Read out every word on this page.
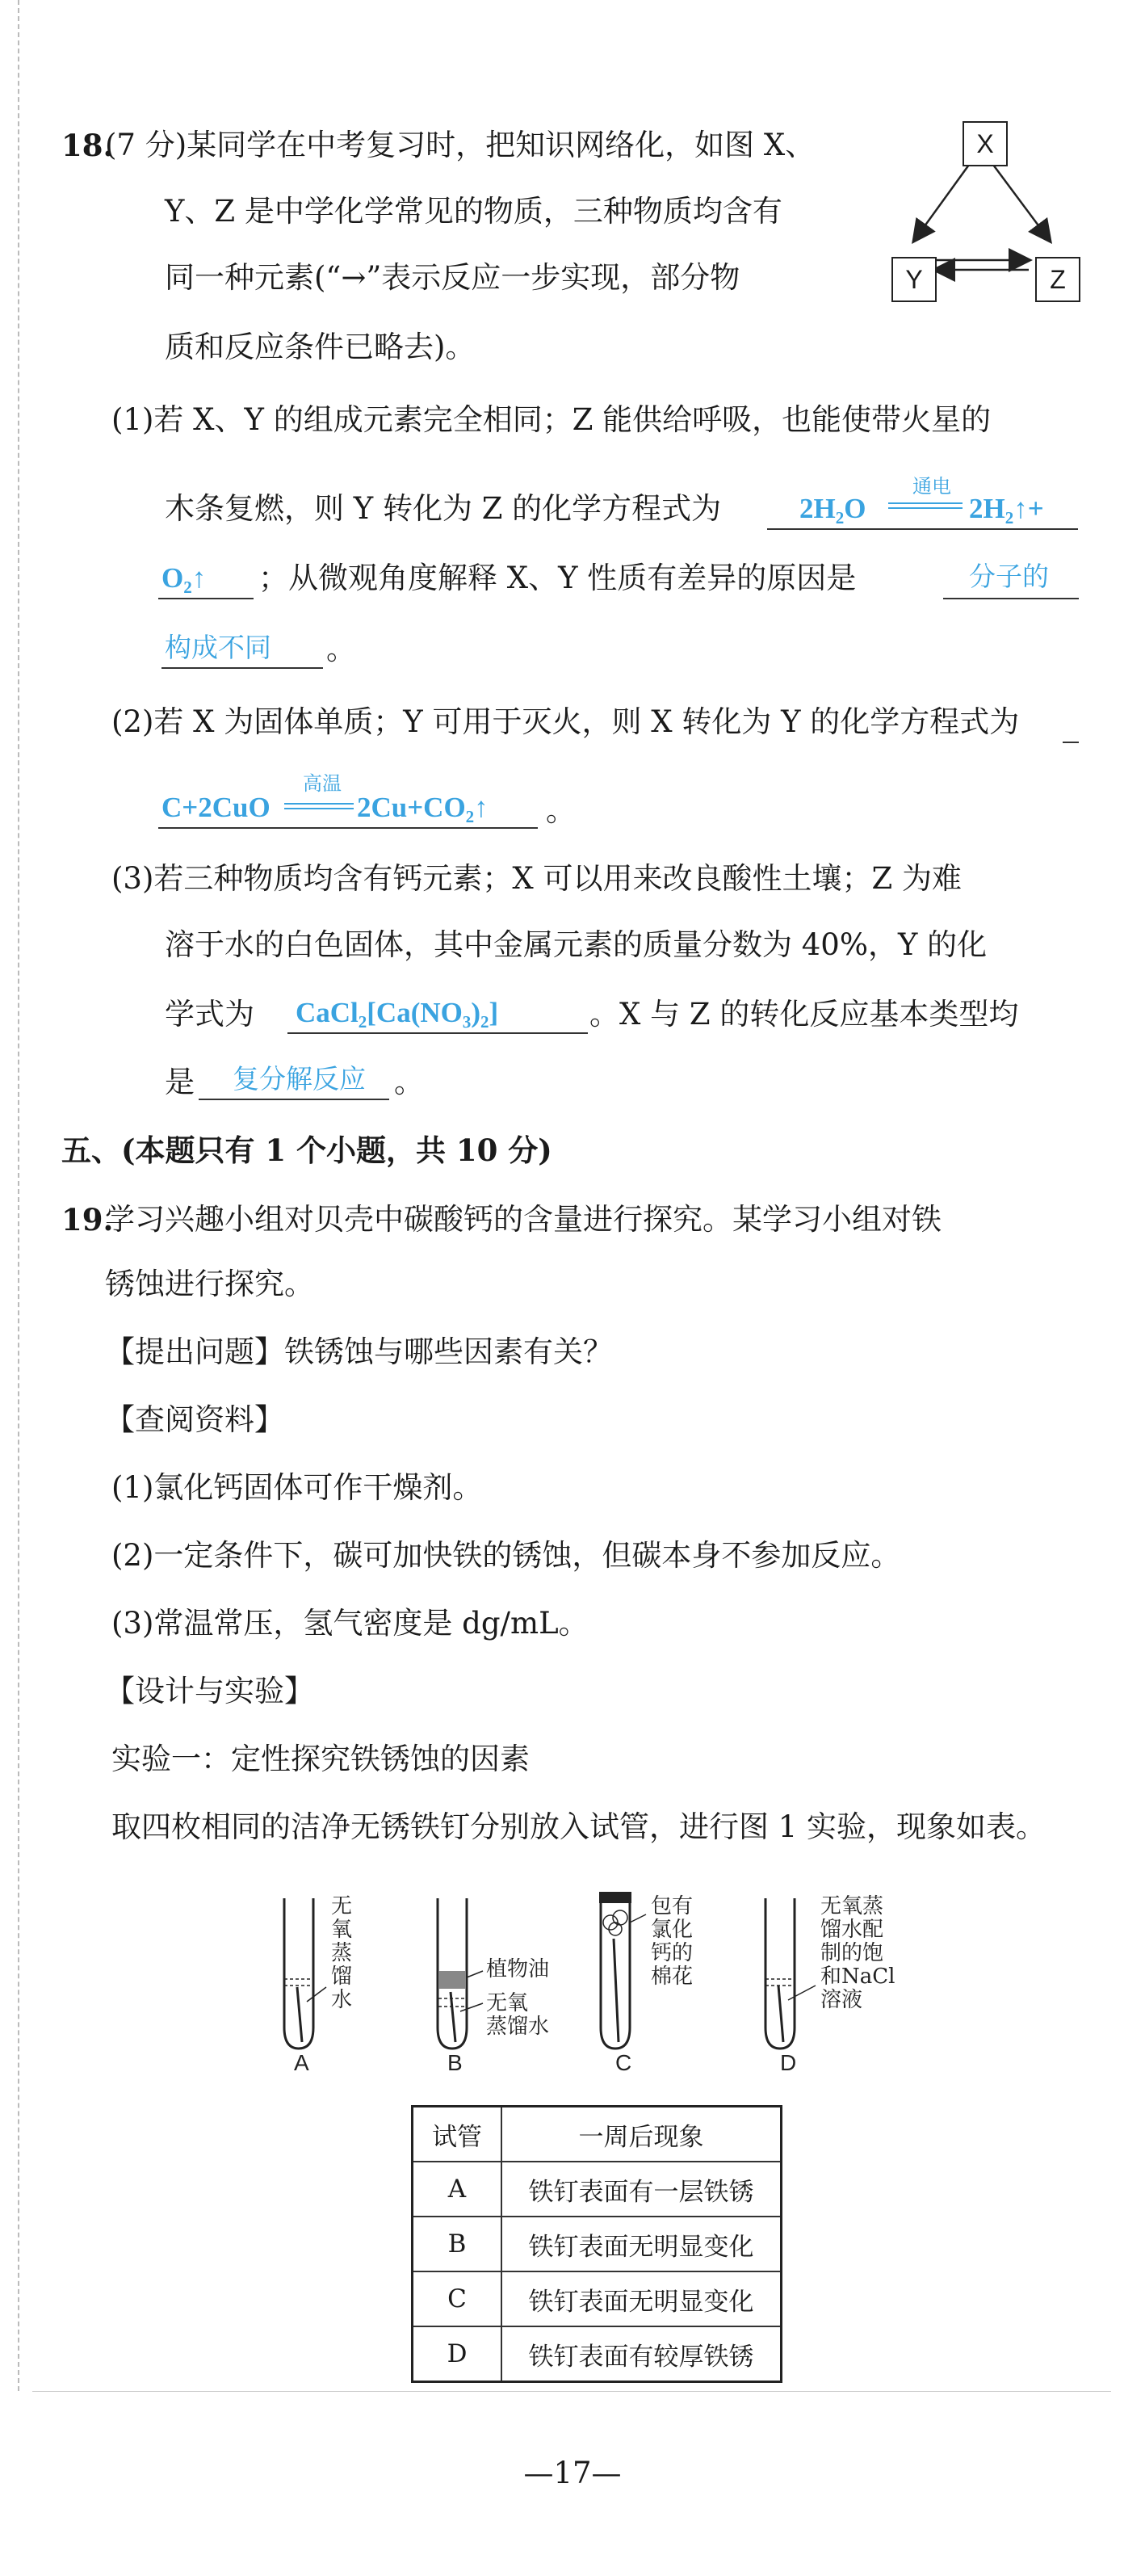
18.
(7 分)某同学在中考复习时，把知识网络化，如图 X、
Y、Z 是中学化学常见的物质，三种物质均含有
同一种元素(“→”表示反应一步实现，部分物
质和反应条件已略去)。
X
Y	Z
(1)若 X、Y 的组成元素完全相同；Z 能供给呼吸，也能使带火星的
木条复燃，则 Y 转化为 Z 的化学方程式为	2H₂O
通电
2H₂↑+
O₂↑ ；从微观角度解释 X、Y 性质有差异的原因是	分子的
构成不同 。
(2)若 X 为固体单质；Y 可用于灭火，则 X 转化为 Y 的化学方程式为
C+2CuO
高温
2Cu+CO₂↑ 。
(3)若三种物质均含有钙元素；X 可以用来改良酸性土壤；Z 为难
溶于水的白色固体，其中金属元素的质量分数为 40%，Y 的化
学式为 CaCl₂[Ca(NO₃)₂]	。X 与 Z 的转化反应基本类型均
是 复分解反应 。
五、(本题只有 1 个小题，共 10 分)
19.
学习兴趣小组对贝壳中碳酸钙的含量进行探究。某学习小组对铁
锈蚀进行探究。
【提出问题】铁锈蚀与哪些因素有关？
【查阅资料】
(1)氯化钙固体可作干燥剂。
(2)一定条件下，碳可加快铁的锈蚀，但碳本身不参加反应。
(3)常温常压，氢气密度是 dg/mL。
【设计与实验】
实验一：定性探究铁锈蚀的因素
取四枚相同的洁净无锈铁钉分别放入试管，进行图 1 实验，现象如表。
无
氧
蒸
馏
水
植物油
无氧
蒸馏水
包有
氯化
钙的
棉花
无氧蒸
馏水配
制的饱
和NaCl
溶液
A	B	C	D
试管	一周后现象
A	铁钉表面有一层铁锈
B	铁钉表面无明显变化
C	铁钉表面无明显变化
D	铁钉表面有较厚铁锈
—17—
